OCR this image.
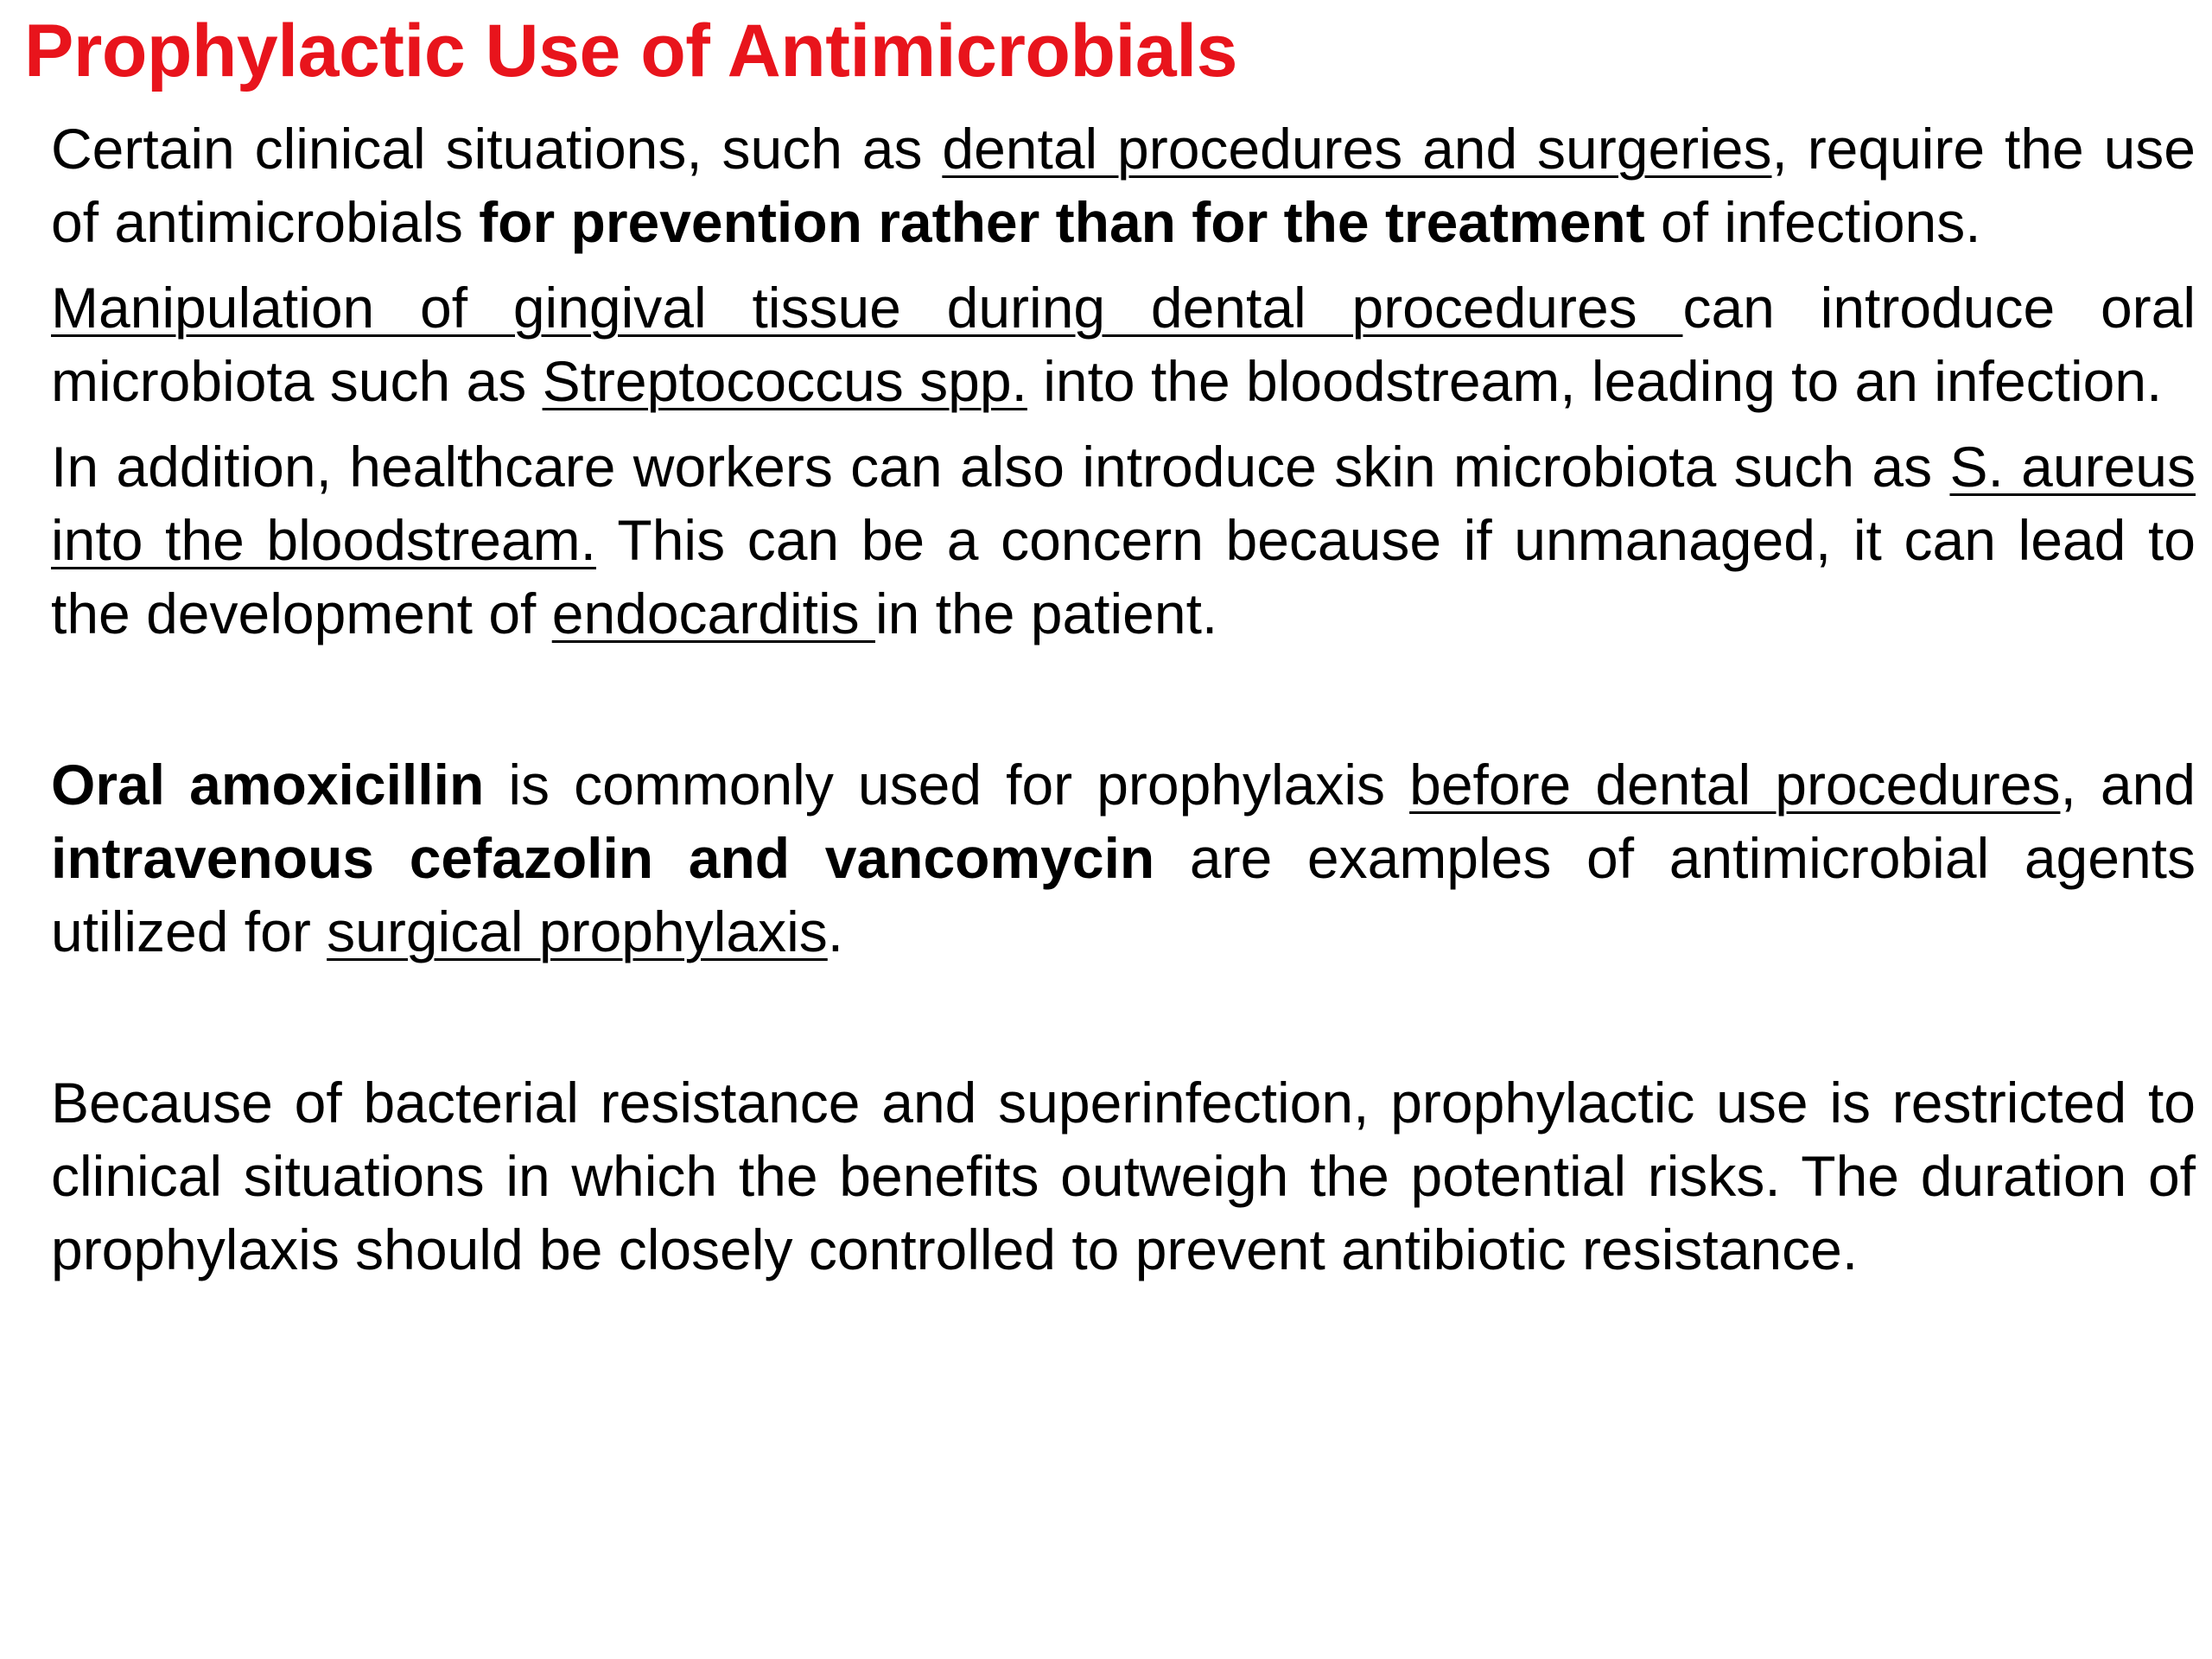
Prophylactic Use of Antimicrobials

Certain clinical situations, such as dental procedures and surgeries, require the use of antimicrobials for prevention rather than for the treatment of infections.

Manipulation of gingival tissue during dental procedures can introduce oral microbiota such as Streptococcus spp. into the bloodstream, leading to an infection.

In addition, healthcare workers can also introduce skin microbiota such as S. aureus into the bloodstream. This can be a concern because if unmanaged, it can lead to the development of endocarditis in the patient.

Oral amoxicillin is commonly used for prophylaxis before dental procedures, and intravenous cefazolin and vancomycin are examples of antimicrobial agents utilized for surgical prophylaxis.

Because of bacterial resistance and superinfection, prophylactic use is restricted to clinical situations in which the benefits outweigh the potential risks. The duration of prophylaxis should be closely controlled to prevent antibiotic resistance.
